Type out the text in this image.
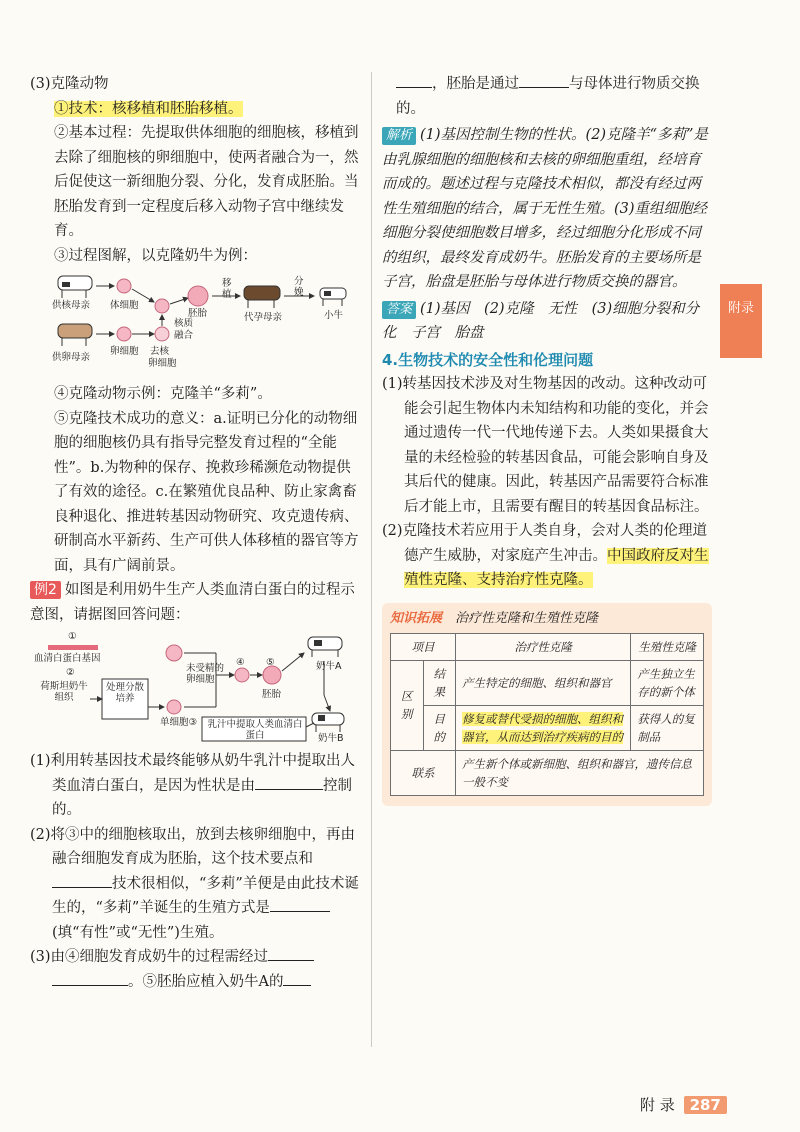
(3)克隆动物

①技术：核移植和胚胎移植。

②基本过程：先提取供体细胞的细胞核，移植到去除了细胞核的卵细胞中，使两者融合为一，然后促使这一新细胞分裂、分化，发育成胚胎。当胚胎发育到一定程度后移入动物子宫中继续发育。

③过程图解，以克隆奶牛为例：

供核母亲 体细胞
供卵母亲
卵细胞
核质
融合
去核
卵细胞
胚胎
移植
代孕母亲
分娩
小牛

④克隆动物示例：克隆羊“多莉”。

⑤克隆技术成功的意义：a.证明已分化的动物细胞的细胞核仍具有指导完整发育过程的“全能性”。b.为物种的保存、挽救珍稀濒危动物提供了有效的途径。c.在繁殖优良品种、防止家禽畜良种退化、推进转基因动物研究、攻克遗传病、研制高水平新药、生产可供人体移植的器官等方面，具有广阔前景。

例2 如图是利用奶牛生产人类血清白蛋白的过程示意图，请据图回答问题：

①
血清白蛋白基因
②
荷斯坦奶牛组织
处理分散培养
未受精的卵细胞
④ ⑤	奶牛A
胚胎
单细胞③ 乳汁中提取人类血清白蛋白	奶牛B

(1)利用转基因技术最终能够从奶牛乳汁中提取出人类血清白蛋白，是因为性状是由	控制的。

(2)将③中的细胞核取出，放到去核卵细胞中，再由融合细胞发育成为胚胎，这个技术要点和技术很相似，“多莉”羊便是由此技术诞生的，“多莉”羊诞生的生殖方式是(填“有性”或“无性”)生殖。

(3)由④细胞发育成奶牛的过程需经过。⑤胚胎应植入奶牛A的

，胚胎是通过	与母体进行物质交换的。

解析 (1)基因控制生物的性状。(2)克隆羊“多莉”是由乳腺细胞的细胞核和去核的卵细胞重组，经培育而成的。题述过程与克隆技术相似，都没有经过两性生殖细胞的结合，属于无性生殖。(3)重组细胞经细胞分裂使细胞数目增多，经过细胞分化形成不同的组织，最终发育成奶牛。胚胎发育的主要场所是子宫，胎盘是胚胎与母体进行物质交换的器官。

答案 (1)基因　(2)克隆　无性　(3)细胞分裂和分化　子宫　胎盘

4.生物技术的安全性和伦理问题

(1)转基因技术涉及对生物基因的改动。这种改动可能会引起生物体内未知结构和功能的变化，并会通过遗传一代一代地传递下去。人类如果摄食大量的未经检验的转基因食品，可能会影响自身及其后代的健康。因此，转基因产品需要符合标准后才能上市，且需要有醒目的转基因食品标注。

(2)克隆技术若应用于人类自身，会对人类的伦理道德产生威胁，对家庭产生冲击。中国政府反对生殖性克隆、支持治疗性克隆。

知识拓展　 治疗性克隆和生殖性克隆
项目		治疗性克隆	生殖性克隆
区别	结果	产生特定的细胞、组织和器官	产生独立生存的新个体
	目的	修复或替代受损的细胞、组织和器官，从而达到治疗疾病的目的	获得人的复制品
联系		产生新个体或新细胞、组织和器官，遗传信息一般不变	
附录
附 录 287
